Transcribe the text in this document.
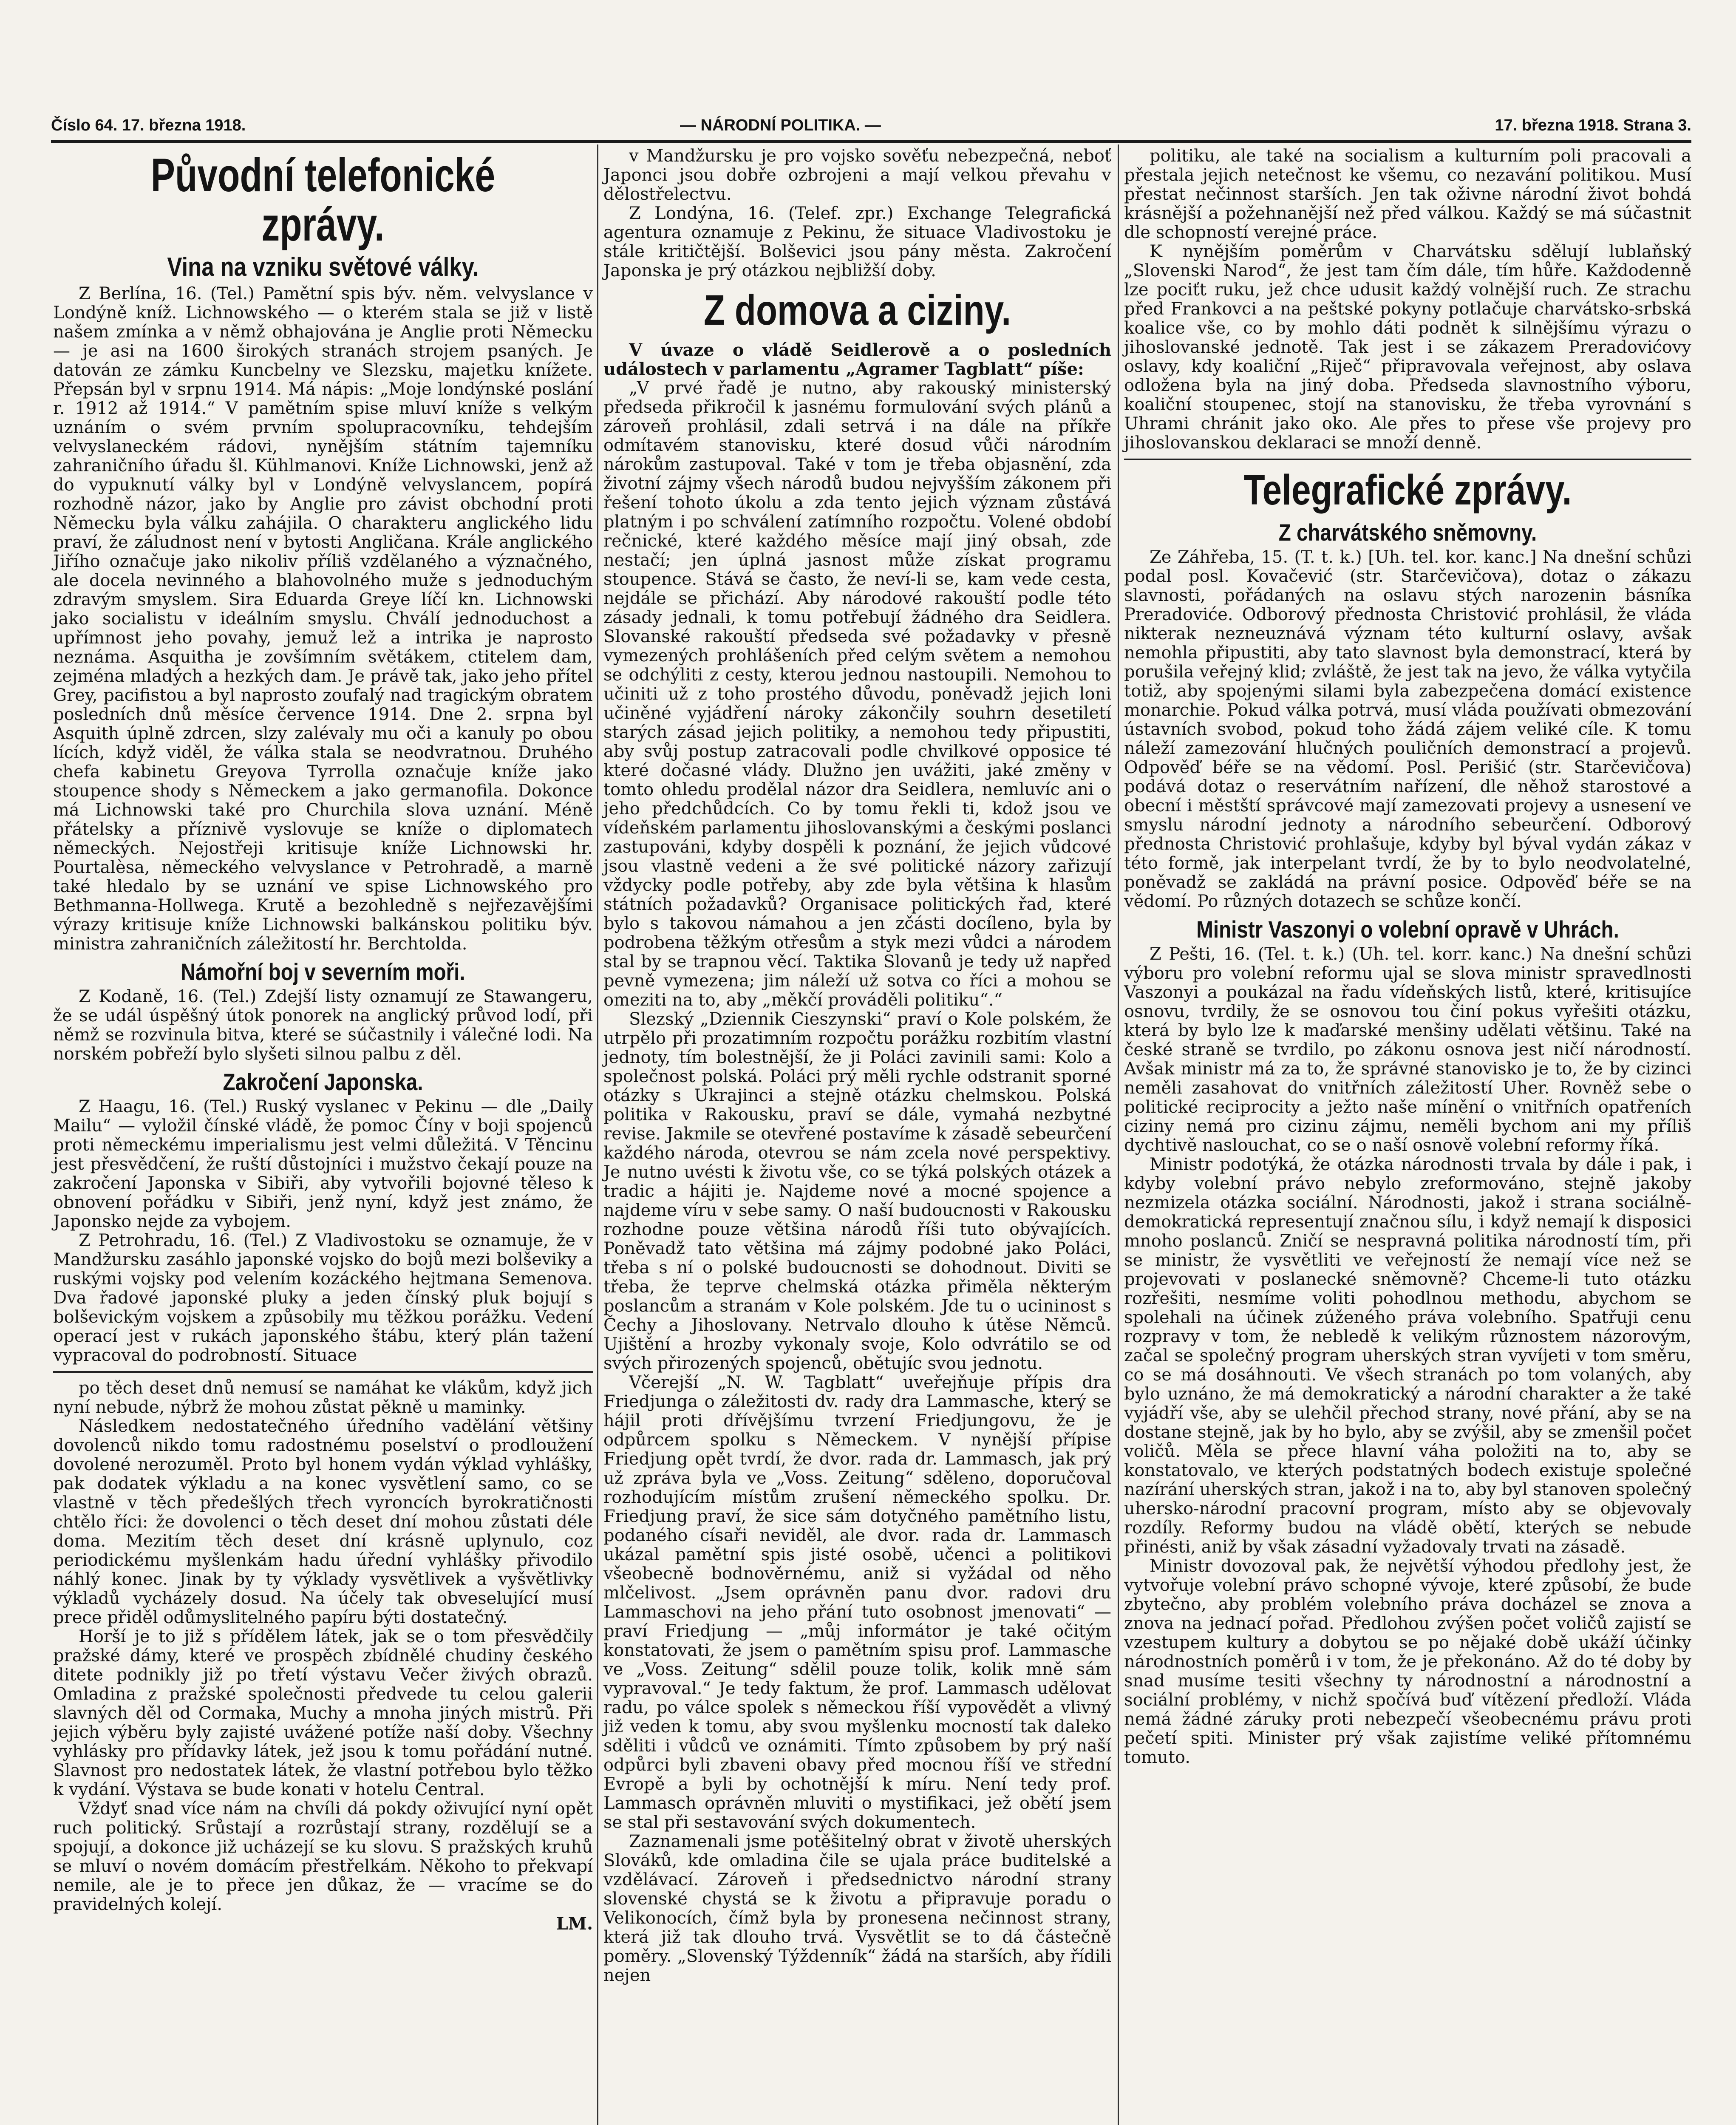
Číslo 64. 17. března 1918.	— NÁRODNÍ POLITIKA. —	17. března 1918. Strana 3.
Původní telefonické zprávy.
Vina na vzniku světové války.

Z Berlína, 16. (Tel.) Pamětní spis býv. něm. velvyslance v Londýně kníž. Lichnowského — o kterém stala se již v listě našem zmínka a v němž obhajována je Anglie proti Německu — je asi na 1600 širokých stranách strojem psaných. Je datován ze zámku Kuncbelny ve Slezsku, majetku knížete. Přepsán byl v srpnu 1914. Má nápis: „Moje londýnské poslání r. 1912 až 1914.“ V pamětním spise mluví kníže s velkým uznáním o svém prvním spolupracovníku, tehdejším velvyslaneckém rádovi, nynějším státním tajemníku zahraničního úřadu šl. Kühlmanovi. Kníže Lichnowski, jenž až do vypuknutí války byl v Londýně velvyslancem, popírá rozhodně názor, jako by Anglie pro závist obchodní proti Německu byla válku zahájila. O charakteru anglického lidu praví, že záludnost není v bytosti Angličana. Krále anglického Jiřího označuje jako nikoliv příliš vzdělaného a význačného, ale docela nevinného a blahovolného muže s jednoduchým zdravým smyslem. Sira Eduarda Greye líčí kn. Lichnowski jako socialistu v ideálním smyslu. Chválí jednoduchost a upřímnost jeho povahy, jemuž lež a intrika je naprosto neznáma. Asquitha je zovšímním světákem, ctitelem dam, zejména mladých a hezkých dam. Je právě tak, jako jeho přítel Grey, pacifistou a byl naprosto zoufalý nad tragickým obratem posledních dnů měsíce července 1914. Dne 2. srpna byl Asquith úplně zdrcen, slzy zalévaly mu oči a kanuly po obou lících, když viděl, že válka stala se neodvratnou. Druhého chefa kabinetu Greyova Tyrrolla označuje kníže jako stoupence shody s Německem a jako germanofila. Dokonce má Lichnowski také pro Churchila slova uznání. Méně přátelsky a příznivě vyslovuje se kníže o diplomatech německých. Nejostřeji kritisuje kníže Lichnowski hr. Pourtalèsa, německého velvyslance v Petrohradě, a marně také hledalo by se uznání ve spise Lichnowského pro Bethmanna-Hollwega. Krutě a bezohledně s nejřezavějšími výrazy kritisuje kníže Lichnowski balkánskou politiku býv. ministra zahraničních záležitostí hr. Berchtolda.

Námořní boj v severním moři.

Z Kodaně, 16. (Tel.) Zdejší listy oznamují ze Stawangeru, že se udál úspěšný útok ponorek na anglický průvod lodí, při němž se rozvinula bitva, které se súčastnily i válečné lodi. Na norském pobřeží bylo slyšeti silnou palbu z děl.

Zakročení Japonska.

Z Haagu, 16. (Tel.) Ruský vyslanec v Pekinu — dle „Daily Mailu“ — vyložil čínské vládě, že pomoc Číny v boji spojenců proti německému imperialismu jest velmi důležitá. V Těncinu jest přesvědčení, že ruští důstojníci i mužstvo čekají pouze na zakročení Japonska v Sibiři, aby vytvořili bojovné těleso k obnovení pořádku v Sibiři, jenž nyní, když jest známo, že Japonsko nejde za vybojem.

Z Petrohradu, 16. (Tel.) Z Vladivostoku se oznamuje, že v Mandžursku zasáhlo japonské vojsko do bojů mezi bolševiky a ruskými vojsky pod velením kozáckého hejtmana Semenova. Dva řadové japonské pluky a jeden čínský pluk bojují s bolševickým vojskem a způsobily mu těžkou porážku. Vedení operací jest v rukách japonského štábu, který plán tažení vypracoval do podrobností. Situace

po těch deset dnů nemusí se namáhat ke vlákům, když jich nyní nebude, nýbrž že mohou zůstat pěkně u maminky.

Následkem nedostatečného úředního vadělání většiny dovolenců nikdo tomu radostnému poselství o prodloužení dovolené nerozuměl. Proto byl honem vydán výklad vyhlášky, pak dodatek výkladu a na konec vysvětlení samo, co se vlastně v těch předešlých třech vyroncích byrokratičnosti chtělo říci: že dovolenci o těch deset dní mohou zůstati déle doma. Mezitím těch deset dní krásně uplynulo, coz periodickému myšlenkám hadu úřední vyhlášky přivodilo náhlý konec. Jinak by ty výklady vysvětlivek a vyšvětlivky výkladů vycházely dosud. Na účely tak obveselující musí prece přiděl odůmyslitelného papíru býti dostatečný.

Horší je to již s přídělem látek, jak se o tom přesvědčily pražské dámy, které ve prospěch zbídnělé chudiny českého ditete podnikly již po třetí výstavu Večer živých obrazů. Omladina z pražské společnosti předvede tu celou galerii slavných děl od Cormaka, Muchy a mnoha jiných mistrů. Při jejich výběru byly zajisté uvážené potíže naší doby. Všechny vyhlásky pro přídavky látek, jež jsou k tomu pořádání nutné. Slavnost pro nedostatek látek, že vlastní potřebou bylo těžko k vydání. Výstava se bude konati v hotelu Central.

Vždyť snad více nám na chvíli dá pokdy oživující nyní opět ruch politický. Srůstají a rozrůstají strany, rozdělují se a spojují, a dokonce již ucházejí se ku slovu. S pražských kruhů se mluví o novém domácím přestřelkám. Někoho to překvapí nemile, ale je to přece jen důkaz, že — vracíme se do pravidelných kolejí.

LM.

v Mandžursku je pro vojsko sověťu nebezpečná, neboť Japonci jsou dobře ozbrojeni a mají velkou převahu v dělostřelectvu.

Z Londýna, 16. (Telef. zpr.) Exchange Telegrafická agentura oznamuje z Pekinu, že situace Vladivostoku je stále kritičtější. Bolševici jsou pány města. Zakročení Japonska je prý otázkou nejbližší doby.

Z domova a ciziny.

V úvaze o vládě Seidlerově a o posledních událostech v parlamentu „Agramer Tagblatt“ píše:

„V prvé řadě je nutno, aby rakouský ministerský předseda přikročil k jasnému formulování svých plánů a zároveň prohlásil, zdali setrvá i na dále na příkře odmítavém stanovisku, které dosud vůči národním nárokům zastupoval. Také v tom je třeba objasnění, zda životní zájmy všech národů budou nejvyšším zákonem při řešení tohoto úkolu a zda tento jejich význam zůstává platným i po schválení zatímního rozpočtu. Volené období rečnické, které každého měsíce mají jiný obsah, zde nestačí; jen úplná jasnost může získat programu stoupence. Stává se často, že neví-li se, kam vede cesta, nejdále se přichází. Aby národové rakouští podle této zásady jednali, k tomu potřebují žádného dra Seidlera. Slovanské rakouští předseda své požadavky v přesně vymezených prohlášeních před celým světem a nemohou se odchýliti z cesty, kterou jednou nastoupili. Nemohou to učiniti už z toho prostého důvodu, poněvadž jejich loni učiněné vyjádření nároky zákončily souhrn desetiletí starých zásad jejich politiky, a nemohou tedy připustiti, aby svůj postup zatracovali podle chvilkové opposice té které dočasné vlády. Dlužno jen uvážiti, jaké změny v tomto ohledu prodělal názor dra Seidlera, nemluvíc ani o jeho předchůdcích. Co by tomu řekli ti, kdož jsou ve vídeňském parlamentu jihoslovanskými a českými poslanci zastupováni, kdyby dospěli k poznání, že jejich vůdcové jsou vlastně vedeni a že své politické názory zařizují vždycky podle potřeby, aby zde byla většina k hlasům státních požadavků? Organisace politických řad, které bylo s takovou námahou a jen zčásti docíleno, byla by podrobena těžkým otřesům a styk mezi vůdci a národem stal by se trapnou věcí. Taktika Slovanů je tedy už napřed pevně vymezena; jim náleží už sotva co říci a mohou se omeziti na to, aby „měkčí prováděli politiku“.“

Slezský „Dziennik Cieszynski“ praví o Kole polském, že utrpělo při prozatimním rozpočtu porážku rozbitím vlastní jednoty, tím bolestnější, že ji Poláci zavinili sami: Kolo a společnost polská. Poláci prý měli rychle odstranit sporné otázky s Ukrajinci a stejně otázku chelmskou. Polská politika v Rakousku, praví se dále, vymahá nezbytné revise. Jakmile se otevřené postavíme k zásadě sebeurčení každého národa, otevrou se nám zcela nové perspektivy. Je nutno uvésti k životu vše, co se týká polských otázek a tradic a hájiti je. Najdeme nové a mocné spojence a najdeme víru v sebe samy. O naší budoucnosti v Rakousku rozhodne pouze většina národů říši tuto obývajících. Poněvadž tato většina má zájmy podobné jako Poláci, třeba s ní o polské budoucnosti se dohodnout. Diviti se třeba, že teprve chelmská otázka přiměla některým poslancům a stranám v Kole polském. Jde tu o ucininost s Čechy a Jihoslovany. Netrvalo dlouho k útěse Němců. Ujištění a hrozby vykonaly svoje, Kolo odvrátilo se od svých přirozených spojenců, obětujíc svou jednotu.

Včerejší „N. W. Tagblatt“ uveřejňuje přípis dra Friedjunga o záležitosti dv. rady dra Lammasche, který se hájil proti dřívějšímu tvrzení Friedjungovu, že je odpůrcem spolku s Německem. V nynější přípise Friedjung opět tvrdí, že dvor. rada dr. Lammasch, jak prý už zpráva byla ve „Voss. Zeitung“ sděleno, doporučoval rozhodujícím místům zrušení německého spolku. Dr. Friedjung praví, že sice sám dotyčného pamětního listu, podaného císaři neviděl, ale dvor. rada dr. Lammasch ukázal pamětní spis jisté osobě, učenci a politikovi všeobecně bodnověrnému, aniž si vyžádal od něho mlčelivost. „Jsem oprávněn panu dvor. radovi dru Lammaschovi na jeho přání tuto osobnost jmenovati“ — praví Friedjung — „můj informátor je také očitým konstatovati, že jsem o pamětním spisu prof. Lammasche ve „Voss. Zeitung“ sdělil pouze tolik, kolik mně sám vypravoval.“ Je tedy faktum, že prof. Lammasch udělovat radu, po válce spolek s německou říší vypovědět a vlivný již veden k tomu, aby svou myšlenku mocností tak daleko sděliti i vůdců ve oznámiti. Tímto způsobem by prý naší odpůrci byli zbaveni obavy před mocnou říší ve střední Evropě a byli by ochotnější k míru. Není tedy prof. Lammasch oprávněn mluviti o mystifikaci, jež obětí jsem se stal při sestavování svých dokumentech.

Zaznamenali jsme potěšitelný obrat v životě uherských Slováků, kde omladina čile se ujala práce buditelské a vzdělávací. Zároveň i předsednictvo národní strany slovenské chystá se k životu a připravuje poradu o Velikonocích, čímž byla by pronesena nečinnost strany, která již tak dlouho trvá. Vysvětlit se to dá částečně poměry. „Slovenský Týždenník“ žádá na starších, aby řídili nejen

politiku, ale také na socialism a kulturním poli pracovali a přestala jejich netečnost ke všemu, co nezavání politikou. Musí přestat nečinnost starších. Jen tak oživne národní život bohdá krásnější a požehnanější než před válkou. Každý se má súčastnit dle schopností verejné práce.

K nynějším poměrům v Charvátsku sdělují lublaňský „Slovenski Narod“, že jest tam čím dále, tím hůře. Každodenně lze pociťt ruku, jež chce udusit každý volnější ruch. Ze strachu před Frankovci a na peštské pokyny potlačuje charvátsko-srbská koalice vše, co by mohlo dáti podnět k silnějšímu výrazu o jihoslovanské jednotě. Tak jest i se zákazem Preradovićovy oslavy, kdy koaliční „Riječ“ připravovala veřejnost, aby oslava odložena byla na jiný doba. Předseda slavnostního výboru, koaliční stoupenec, stojí na stanovisku, že třeba vyrovnání s Uhrami chránit jako oko. Ale přes to přese vše projevy pro jihoslovanskou deklaraci se množí denně.

Telegrafické zprávy.
Z charvátského sněmovny.

Ze Záhřeba, 15. (T. t. k.) [Uh. tel. kor. kanc.] Na dnešní schůzi podal posl. Kovačević (str. Starčevičova), dotaz o zákazu slavnosti, pořádaných na oslavu stých narozenin básníka Preradoviće. Odborový přednosta Christović prohlásil, že vláda nikterak nezneuznává význam této kulturní oslavy, avšak nemohla připustiti, aby tato slavnost byla demonstrací, která by porušila veřejný klid; zvláště, že jest tak na jevo, že válka vytyčila totiž, aby spojenými silami byla zabezpečena domácí existence monarchie. Pokud válka potrvá, musí vláda používati obmezování ústavních svobod, pokud toho žádá zájem veliké cíle. K tomu náleží zamezování hlučných pouličních demonstrací a projevů. Odpověď béře se na vědomí. Posl. Perišić (str. Starčevičova) podává dotaz o reservátním nařízení, dle něhož starostové a obecní i městští správcové mají zamezovati projevy a usnesení ve smyslu národní jednoty a národního sebeurčení. Odborový přednosta Christović prohlašuje, kdyby byl býval vydán zákaz v této formě, jak interpelant tvrdí, že by to bylo neodvolatelné, poněvadž se zakládá na právní posice. Odpověď béře se na vědomí. Po různých dotazech se schůze končí.

Ministr Vaszonyi o volební opravě v Uhrách.

Z Pešti, 16. (Tel. t. k.) (Uh. tel. korr. kanc.) Na dnešní schůzi výboru pro volební reformu ujal se slova ministr spravedlnosti Vaszonyi a poukázal na řadu vídeňských listů, které, kritisujíce osnovu, tvrdily, že se osnovou tou činí pokus vyřešiti otázku, která by bylo lze k maďarské menšiny udělati většinu. Také na české straně se tvrdilo, po zákonu osnova jest ničí národností. Avšak ministr má za to, že správné stanovisko je to, že by cizinci neměli zasahovat do vnitřních záležitostí Uher. Rovněž sebe o politické reciprocity a ježto naše mínění o vnitřních opatřeních ciziny nemá pro cizinu zájmu, neměli bychom ani my příliš dychtivě naslouchat, co se o naší osnově volební reformy říká.

Ministr podotýká, že otázka národnosti trvala by dále i pak, i kdyby volební právo nebylo zreformováno, stejně jakoby nezmizela otázka sociální. Národnosti, jakož i strana sociálně-demokratická representují značnou sílu, i když nemají k disposici mnoho poslanců. Zničí se nespravná politika národností tím, při se ministr, že vysvětliti ve veřejností že nemají více než se projevovati v poslanecké sněmovně? Chceme-li tuto otázku rozřešiti, nesmíme voliti pohodlnou methodu, abychom se spolehali na účinek zúženého práva volebního. Spatřuji cenu rozpravy v tom, že nebledě k velikým různostem názorovým, začal se společný program uherských stran vyvíjeti v tom směru, co se má dosáhnouti. Ve všech stranách po tom volaných, aby bylo uznáno, že má demokratický a národní charakter a že také vyjádří vše, aby se ulehčil přechod strany, nové přání, aby se na dostane stejně, jak by ho bylo, aby se zvýšil, aby se zmenšil počet voličů. Měla se přece hlavní váha položiti na to, aby se konstatovalo, ve kterých podstatných bodech existuje společné nazírání uherských stran, jakož i na to, aby byl stanoven společný uhersko-národní pracovní program, místo aby se objevovaly rozdíly. Reformy budou na vládě obětí, kterých se nebude přinésti, aniž by však zásadní vyžadovaly trvati na zásadě.

Ministr dovozoval pak, že největší výhodou předlohy jest, že vytvořuje volební právo schopné vývoje, které způsobí, že bude zbytečno, aby problém volebního práva docházel se znova a znova na jednací pořad. Předlohou zvýšen počet voličů zajistí se vzestupem kultury a dobytou se po nějaké době ukáží účinky národnostních poměrů i v tom, že je překonáno. Až do té doby by snad musíme tesiti všechny ty národnostní a národnostní a sociální problémy, v nichž spočívá buď vítězení předloží. Vláda nemá žádné záruky proti nebezpečí všeobecnému právu proti pečetí spiti. Minister prý však zajistíme veliké přítomnému tomuto.
